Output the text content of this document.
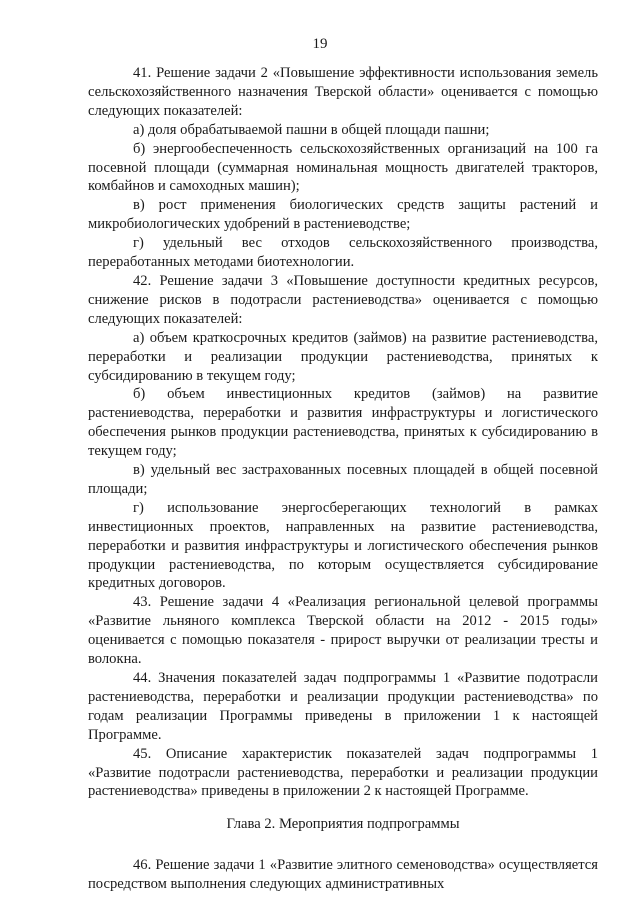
19

41. Решение задачи 2 «Повышение эффективности использования земель сельскохозяйственного назначения Тверской области» оценивается с помощью следующих показателей:

а) доля обрабатываемой пашни в общей площади пашни;

б) энергообеспеченность сельскохозяйственных организаций на 100 га посевной площади (суммарная номинальная мощность двигателей тракторов, комбайнов и самоходных машин);

в) рост применения биологических средств защиты растений и микробиологических удобрений в растениеводстве;

г) удельный вес отходов сельскохозяйственного производства, переработанных методами биотехнологии.

42. Решение задачи 3 «Повышение доступности кредитных ресурсов, снижение рисков в подотрасли растениеводства» оценивается с помощью следующих показателей:

а) объем краткосрочных кредитов (займов) на развитие растениеводства, переработки и реализации продукции растениеводства, принятых к субсидированию в текущем году;

б) объем инвестиционных кредитов (займов) на развитие растениеводства, переработки и развития инфраструктуры и логистического обеспечения рынков продукции растениеводства, принятых к субсидированию в текущем году;

в) удельный вес застрахованных посевных площадей в общей посевной площади;

г) использование энергосберегающих технологий в рамках инвестиционных проектов, направленных на развитие растениеводства, переработки и развития инфраструктуры и логистического обеспечения рынков продукции растениеводства, по которым осуществляется субсидирование кредитных договоров.

43. Решение задачи 4 «Реализация региональной целевой программы «Развитие льняного комплекса Тверской области на 2012 - 2015 годы» оценивается с помощью показателя - прирост выручки от реализации тресты и волокна.

44. Значения показателей задач подпрограммы 1 «Развитие подотрасли растениеводства, переработки и реализации продукции растениеводства» по годам реализации Программы приведены в приложении 1 к настоящей Программе.

45. Описание характеристик показателей задач подпрограммы 1 «Развитие подотрасли растениеводства, переработки и реализации продукции растениеводства» приведены в приложении 2 к настоящей Программе.

Глава 2. Мероприятия подпрограммы

46. Решение задачи 1 «Развитие элитного семеноводства» осуществляется посредством выполнения следующих административных
